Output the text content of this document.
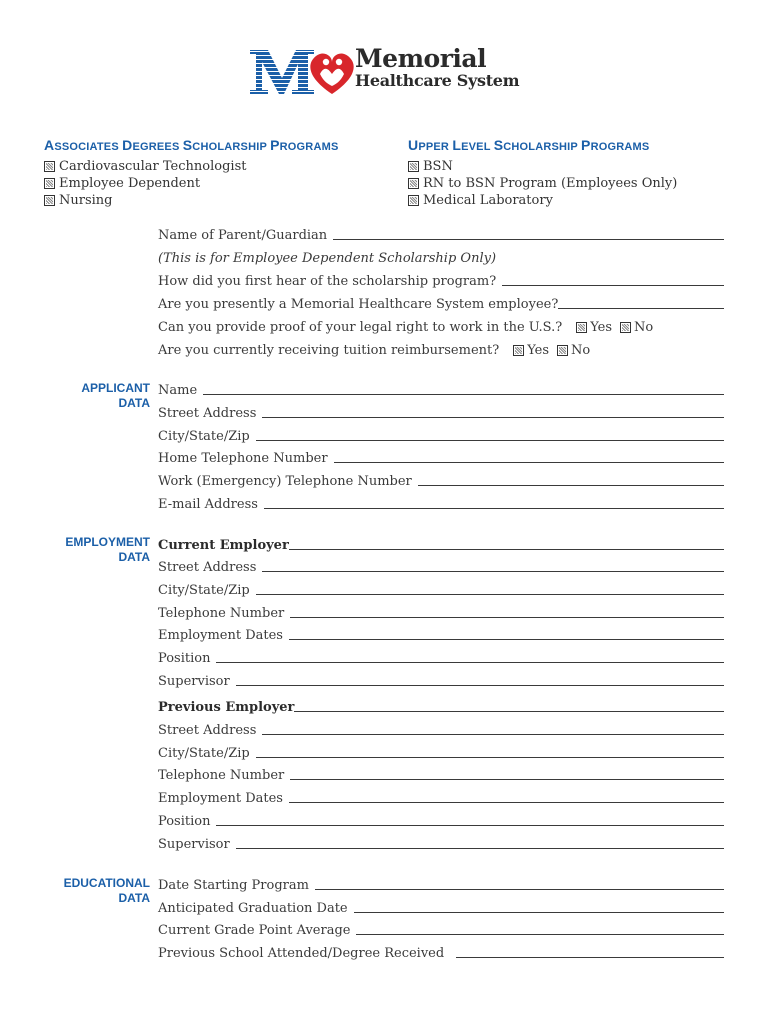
Memorial
Healthcare System
ASSOCIATES DEGREES SCHOLARSHIP PROGRAMS
Cardiovascular Technologist
Employee Dependent
Nursing
UPPER LEVEL SCHOLARSHIP PROGRAMS
BSN
RN to BSN Program (Employees Only)
Medical Laboratory
Name of Parent/Guardian
(This is for Employee Dependent Scholarship Only)
How did you first hear of the scholarship program?
Are you presently a Memorial Healthcare System employee?
Can you provide proof of your legal right to work in the U.S.?	Yes No
Are you currently receiving tuition reimbursement?	Yes No
APPLICANT
DATA
Name
Street Address
City/State/Zip
Home Telephone Number
Work (Emergency) Telephone Number
E-mail Address
EMPLOYMENT
DATA
Current Employer
Street Address
City/State/Zip
Telephone Number
Employment Dates
Position
Supervisor
Previous Employer
Street Address
City/State/Zip
Telephone Number
Employment Dates
Position
Supervisor
EDUCATIONAL
DATA
Date Starting Program
Anticipated Graduation Date
Current Grade Point Average
Previous School Attended/Degree Received
